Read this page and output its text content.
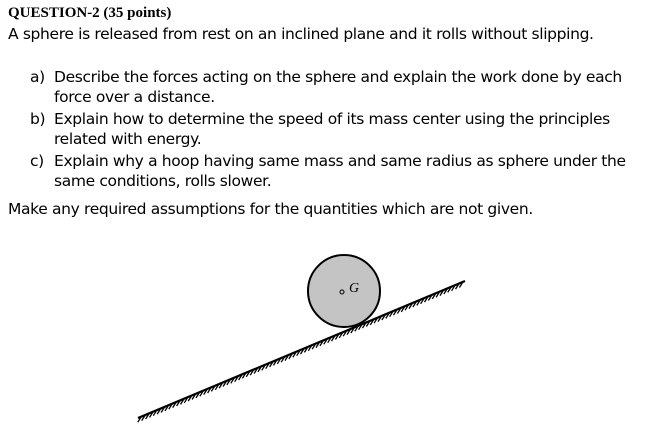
QUESTION-2 (35 points)
A sphere is released from rest on an inclined plane and it rolls without slipping.
a) Describe the forces acting on the sphere and explain the work done by each
force over a distance.
b) Explain how to determine the speed of its mass center using the principles
related with energy.
c) Explain why a hoop having same mass and same radius as sphere under the
same conditions, rolls slower.
Make any required assumptions for the quantities which are not given.
G
